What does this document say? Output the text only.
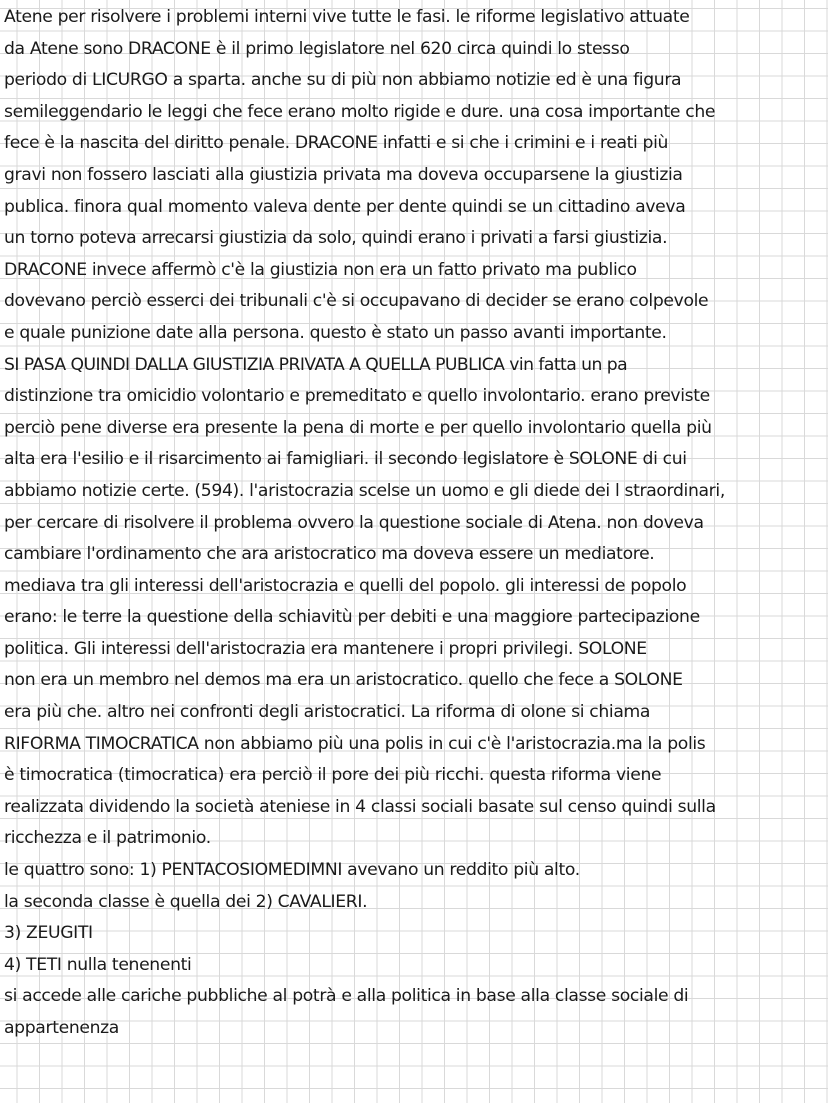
Atene per risolvere i problemi interni vive tutte le fasi. le riforme legislativo attuate
da Atene sono DRACONE è il primo legislatore nel 620 circa quindi lo stesso
periodo di LICURGO a sparta. anche su di più non abbiamo notizie ed è una figura
semileggendario le leggi che fece erano molto rigide e dure. una cosa importante che
fece è la nascita del diritto penale. DRACONE infatti e si che i crimini e i reati più
gravi non fossero lasciati alla giustizia privata ma doveva occuparsene la giustizia
publica. finora qual momento valeva dente per dente quindi se un cittadino aveva
un torno poteva arrecarsi giustizia da solo, quindi erano i privati a farsi giustizia.
DRACONE invece affermò c'è la giustizia non era un fatto privato ma publico
dovevano perciò esserci dei tribunali c'è si occupavano di decider se erano colpevole
e quale punizione date alla persona. questo è stato un passo avanti importante.
SI PASA QUINDI DALLA GIUSTIZIA PRIVATA A QUELLA PUBLICA vin fatta un pa
distinzione tra omicidio volontario e premeditato e quello involontario. erano previste
perciò pene diverse era presente la pena di morte e per quello involontario quella più
alta era l'esilio e il risarcimento ai famigliari. il secondo legislatore è SOLONE di cui
abbiamo notizie certe. (594). l'aristocrazia scelse un uomo e gli diede dei l straordinari,
per cercare di risolvere il problema ovvero la questione sociale di Atena. non doveva
cambiare l'ordinamento che ara aristocratico ma doveva essere un mediatore.
mediava tra gli interessi dell'aristocrazia e quelli del popolo. gli interessi de popolo
erano: le terre la questione della schiavitù per debiti e una maggiore partecipazione
politica. Gli interessi dell'aristocrazia era mantenere i propri privilegi. SOLONE
non era un membro nel demos ma era un aristocratico. quello che fece a SOLONE
era più che. altro nei confronti degli aristocratici. La riforma di olone si chiama
RIFORMA TIMOCRATICA non abbiamo più una polis in cui c'è l'aristocrazia.ma la polis
è timocratica (timocratica) era perciò il pore dei più ricchi. questa riforma viene
realizzata dividendo la società ateniese in 4 classi sociali basate sul censo quindi sulla
ricchezza e il patrimonio.
le quattro sono: 1) PENTACOSIOMEDIMNI avevano un reddito più alto.
la seconda classe è quella dei 2) CAVALIERI.
3) ZEUGITI
4) TETI nulla tenenenti
si accede alle cariche pubbliche al potrà e alla politica in base alla classe sociale di
appartenenza
